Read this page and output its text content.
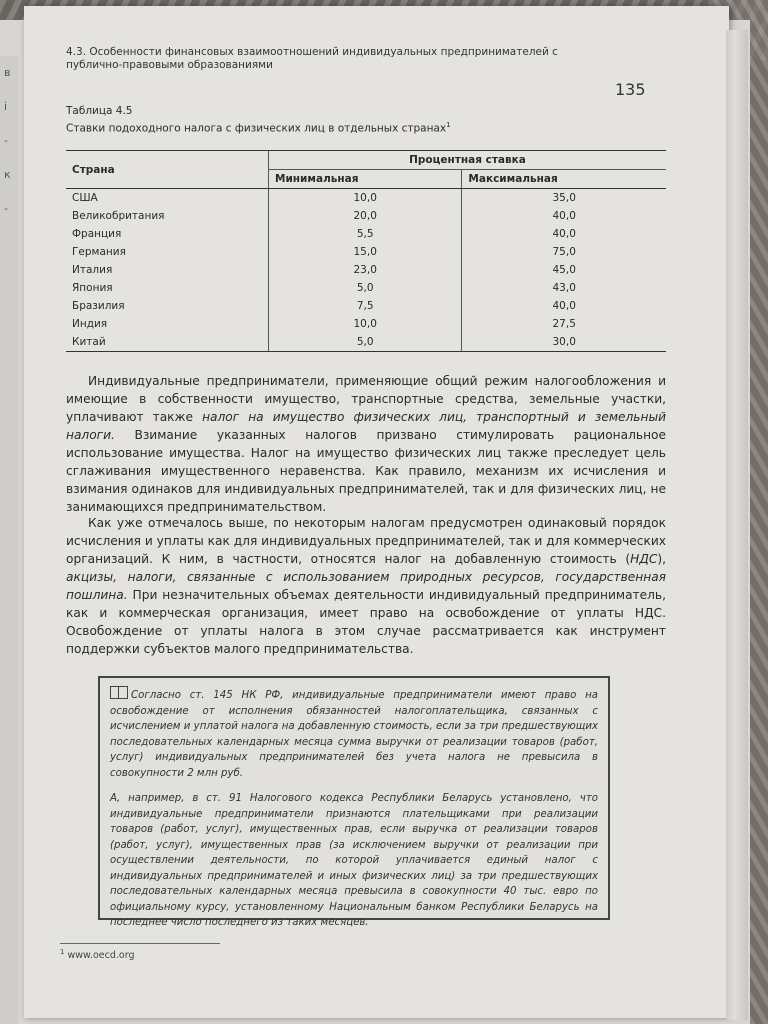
в
і
-
к
-
4.3. Особенности финансовых взаимоотношений индивидуальных предпринимателей с публично-правовыми образованиями
135
Таблица 4.5
Ставки подоходного налога с физических лиц в отдельных странах$^1$
Страна	Процентная ставка	
	Минимальная	Максимальная
США	10,0	35,0
Великобритания	20,0	40,0
Франция	5,5	40,0
Германия	15,0	75,0
Италия	23,0	45,0
Япония	5,0	43,0
Бразилия	7,5	40,0
Индия	10,0	27,5
Китай	5,0	30,0

Индивидуальные предприниматели, применяющие общий режим налогообложения и имеющие в собственности имущество, транспортные средства, земельные участки, уплачивают также налог на имущество физических лиц, транспортный и земельный налоги. Взимание указанных налогов призвано стимулировать рациональное использование имущества. Налог на имущество физических лиц также преследует цель сглаживания имущественного неравенства. Как правило, механизм их исчисления и взимания одинаков для индивидуальных предпринимателей, так и для физических лиц, не занимающихся предпринимательством.

Как уже отмечалось выше, по некоторым налогам предусмотрен одинаковый порядок исчисления и уплаты как для индивидуальных предпринимателей, так и для коммерческих организаций. К ним, в частности, относятся налог на добавленную стоимость (НДС), акцизы, налоги, связанные с использованием природных ресурсов, государственная пошлина. При незначительных объемах деятельности индивидуальный предприниматель, как и коммерческая организация, имеет право на освобождение от уплаты НДС. Освобождение от уплаты налога в этом случае рассматривается как инструмент поддержки субъектов малого предпринимательства.

Согласно ст. 145 НК РФ, индивидуальные предприниматели имеют право на освобождение от исполнения обязанностей налогоплательщика, связанных с исчислением и уплатой налога на добавленную стоимость, если за три предшествующих последовательных календарных месяца сумма выручки от реализации товаров (работ, услуг) индивидуальных предпринимателей без учета налога не превысила в совокупности 2 млн руб.

А, например, в ст. 91 Налогового кодекса Республики Беларусь установлено, что индивидуальные предприниматели признаются плательщиками при реализации товаров (работ, услуг), имущественных прав, если выручка от реализации товаров (работ, услуг), имущественных прав (за исключением выручки от реализации при осуществлении деятельности, по которой уплачивается единый налог с индивидуальных предпринимателей и иных физических лиц) за три предшествующих последовательных календарных месяца превысила в совокупности 40 тыс. евро по официальному курсу, установленному Национальным банком Республики Беларусь на последнее число последнего из таких месяцев.

$^1$ www.oecd.org
